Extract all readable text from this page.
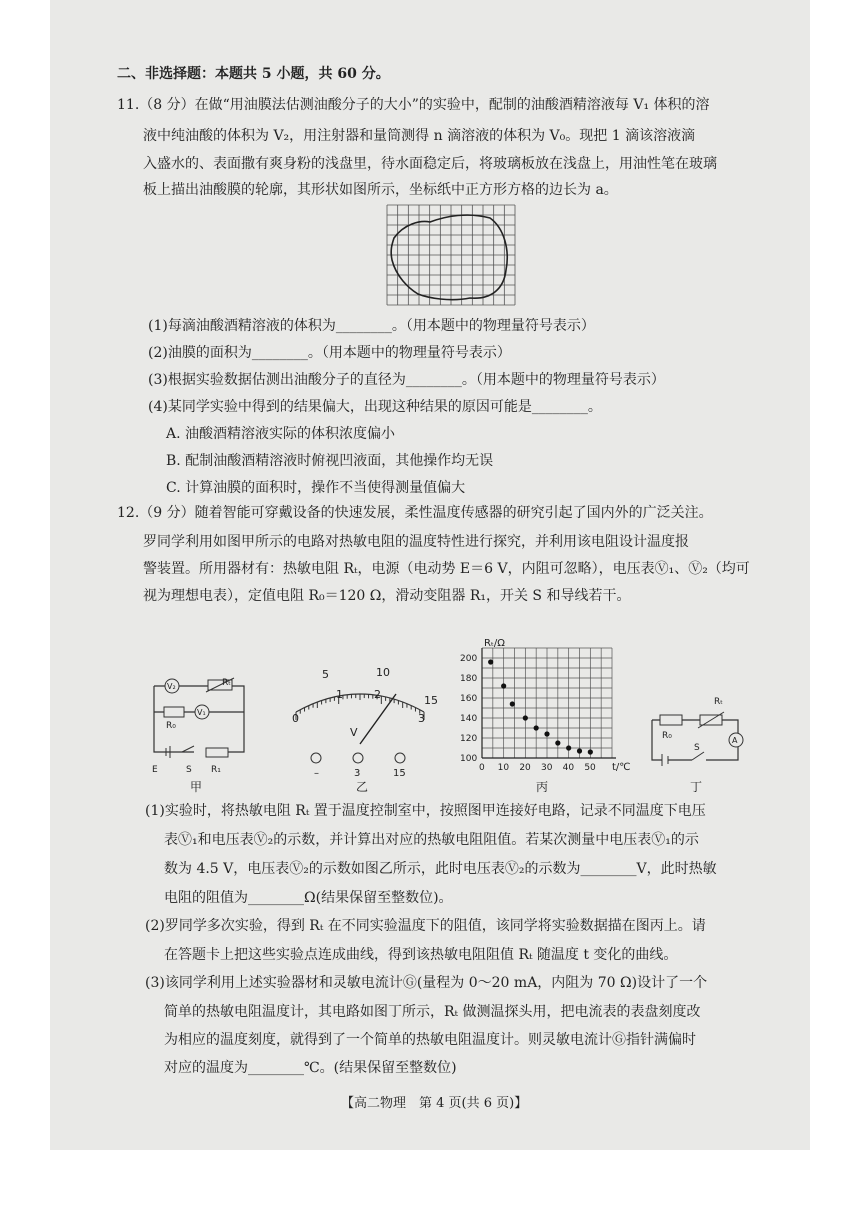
二、非选择题：本题共 5 小题，共 60 分。
11.（8 分）在做“用油膜法估测油酸分子的大小”的实验中，配制的油酸酒精溶液每 V₁ 体积的溶
液中纯油酸的体积为 V₂，用注射器和量筒测得 n 滴溶液的体积为 V₀。现把 1 滴该溶液滴
入盛水的、表面撒有爽身粉的浅盘里，待水面稳定后，将玻璃板放在浅盘上，用油性笔在玻璃
板上描出油酸膜的轮廓，其形状如图所示，坐标纸中正方形方格的边长为 a。
(1)每滴油酸酒精溶液的体积为________。（用本题中的物理量符号表示）
(2)油膜的面积为________。（用本题中的物理量符号表示）
(3)根据实验数据估测出油酸分子的直径为________。（用本题中的物理量符号表示）
(4)某同学实验中得到的结果偏大，出现这种结果的原因可能是________。
A. 油酸酒精溶液实际的体积浓度偏小
B. 配制油酸酒精溶液时俯视凹液面，其他操作均无误
C. 计算油膜的面积时，操作不当使得测量值偏大
12.（9 分）随着智能可穿戴设备的快速发展，柔性温度传感器的研究引起了国内外的广泛关注。
罗同学利用如图甲所示的电路对热敏电阻的温度特性进行探究，并利用该电阻设计温度报
警装置。所用器材有：热敏电阻 Rₜ，电源（电动势 E＝6 V，内阻可忽略），电压表Ⓥ₁、Ⓥ₂（均可
视为理想电表），定值电阻 R₀＝120 Ω，滑动变阻器 R₁，开关 S 和导线若干。
V₂	Rₜ
R₀
V₁
E	S R₁
甲
5	10
15
0
1	2
3
V
–	3	15
乙
Rₜ/Ω
t/℃
0 10 20 30 40 50
100
120
140
160
180
200
丙
R₀
Rₜ
A
S
丁
(1)实验时，将热敏电阻 Rₜ 置于温度控制室中，按照图甲连接好电路，记录不同温度下电压
表Ⓥ₁和电压表Ⓥ₂的示数，并计算出对应的热敏电阻阻值。若某次测量中电压表Ⓥ₁的示
数为 4.5 V，电压表Ⓥ₂的示数如图乙所示，此时电压表Ⓥ₂的示数为________V，此时热敏
电阻的阻值为________Ω(结果保留至整数位)。
(2)罗同学多次实验，得到 Rₜ 在不同实验温度下的阻值，该同学将实验数据描在图丙上。请
在答题卡上把这些实验点连成曲线，得到该热敏电阻阻值 Rₜ 随温度 t 变化的曲线。
(3)该同学利用上述实验器材和灵敏电流计Ⓖ(量程为 0～20 mA，内阻为 70 Ω)设计了一个
简单的热敏电阻温度计，其电路如图丁所示，Rₜ 做测温探头用，把电流表的表盘刻度改
为相应的温度刻度，就得到了一个简单的热敏电阻温度计。则灵敏电流计Ⓖ指针满偏时
对应的温度为________℃。(结果保留至整数位)
【高二物理　第 4 页(共 6 页)】
